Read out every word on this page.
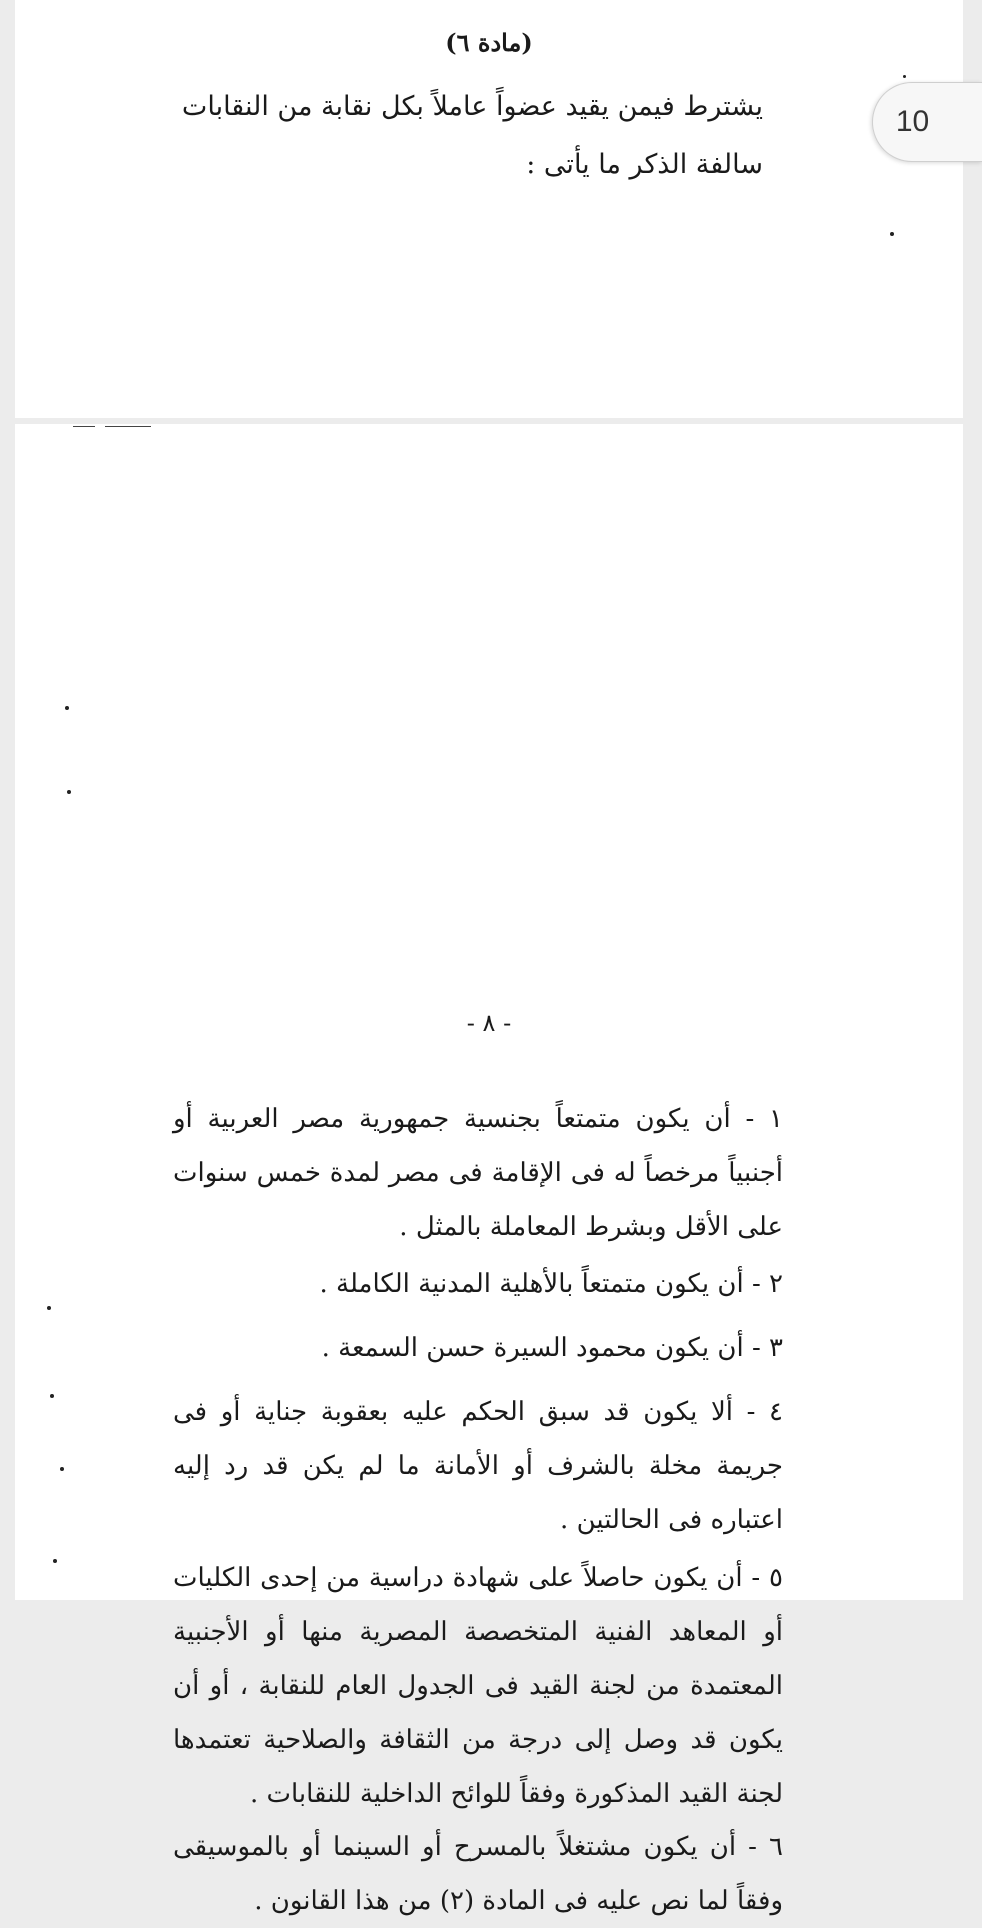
(مادة ٦)
يشترط فيمن يقيد عضواً عاملاً بكل نقابة من النقابات سالفة الذكر ما يأتى :
- ٨ -
١ - أن يكون متمتعاً بجنسية جمهورية مصر العربية أو أجنبياً مرخصاً له فى الإقامة فى مصر لمدة خمس سنوات على الأقل وبشرط المعاملة بالمثل .
٢ - أن يكون متمتعاً بالأهلية المدنية الكاملة .
٣ - أن يكون محمود السيرة حسن السمعة .
٤ - ألا يكون قد سبق الحكم عليه بعقوبة جناية أو فى جريمة مخلة بالشرف أو الأمانة ما لم يكن قد رد إليه اعتباره فى الحالتين .
٥ - أن يكون حاصلاً على شهادة دراسية من إحدى الكليات أو المعاهد الفنية المتخصصة المصرية منها أو الأجنبية المعتمدة من لجنة القيد فى الجدول العام للنقابة ، أو أن يكون قد وصل إلى درجة من الثقافة والصلاحية تعتمدها لجنة القيد المذكورة وفقاً للوائح الداخلية للنقابات .
٦ - أن يكون مشتغلاً بالمسرح أو السينما أو بالموسيقى وفقاً لما نص عليه فى المادة (٢) من هذا القانون .
10
